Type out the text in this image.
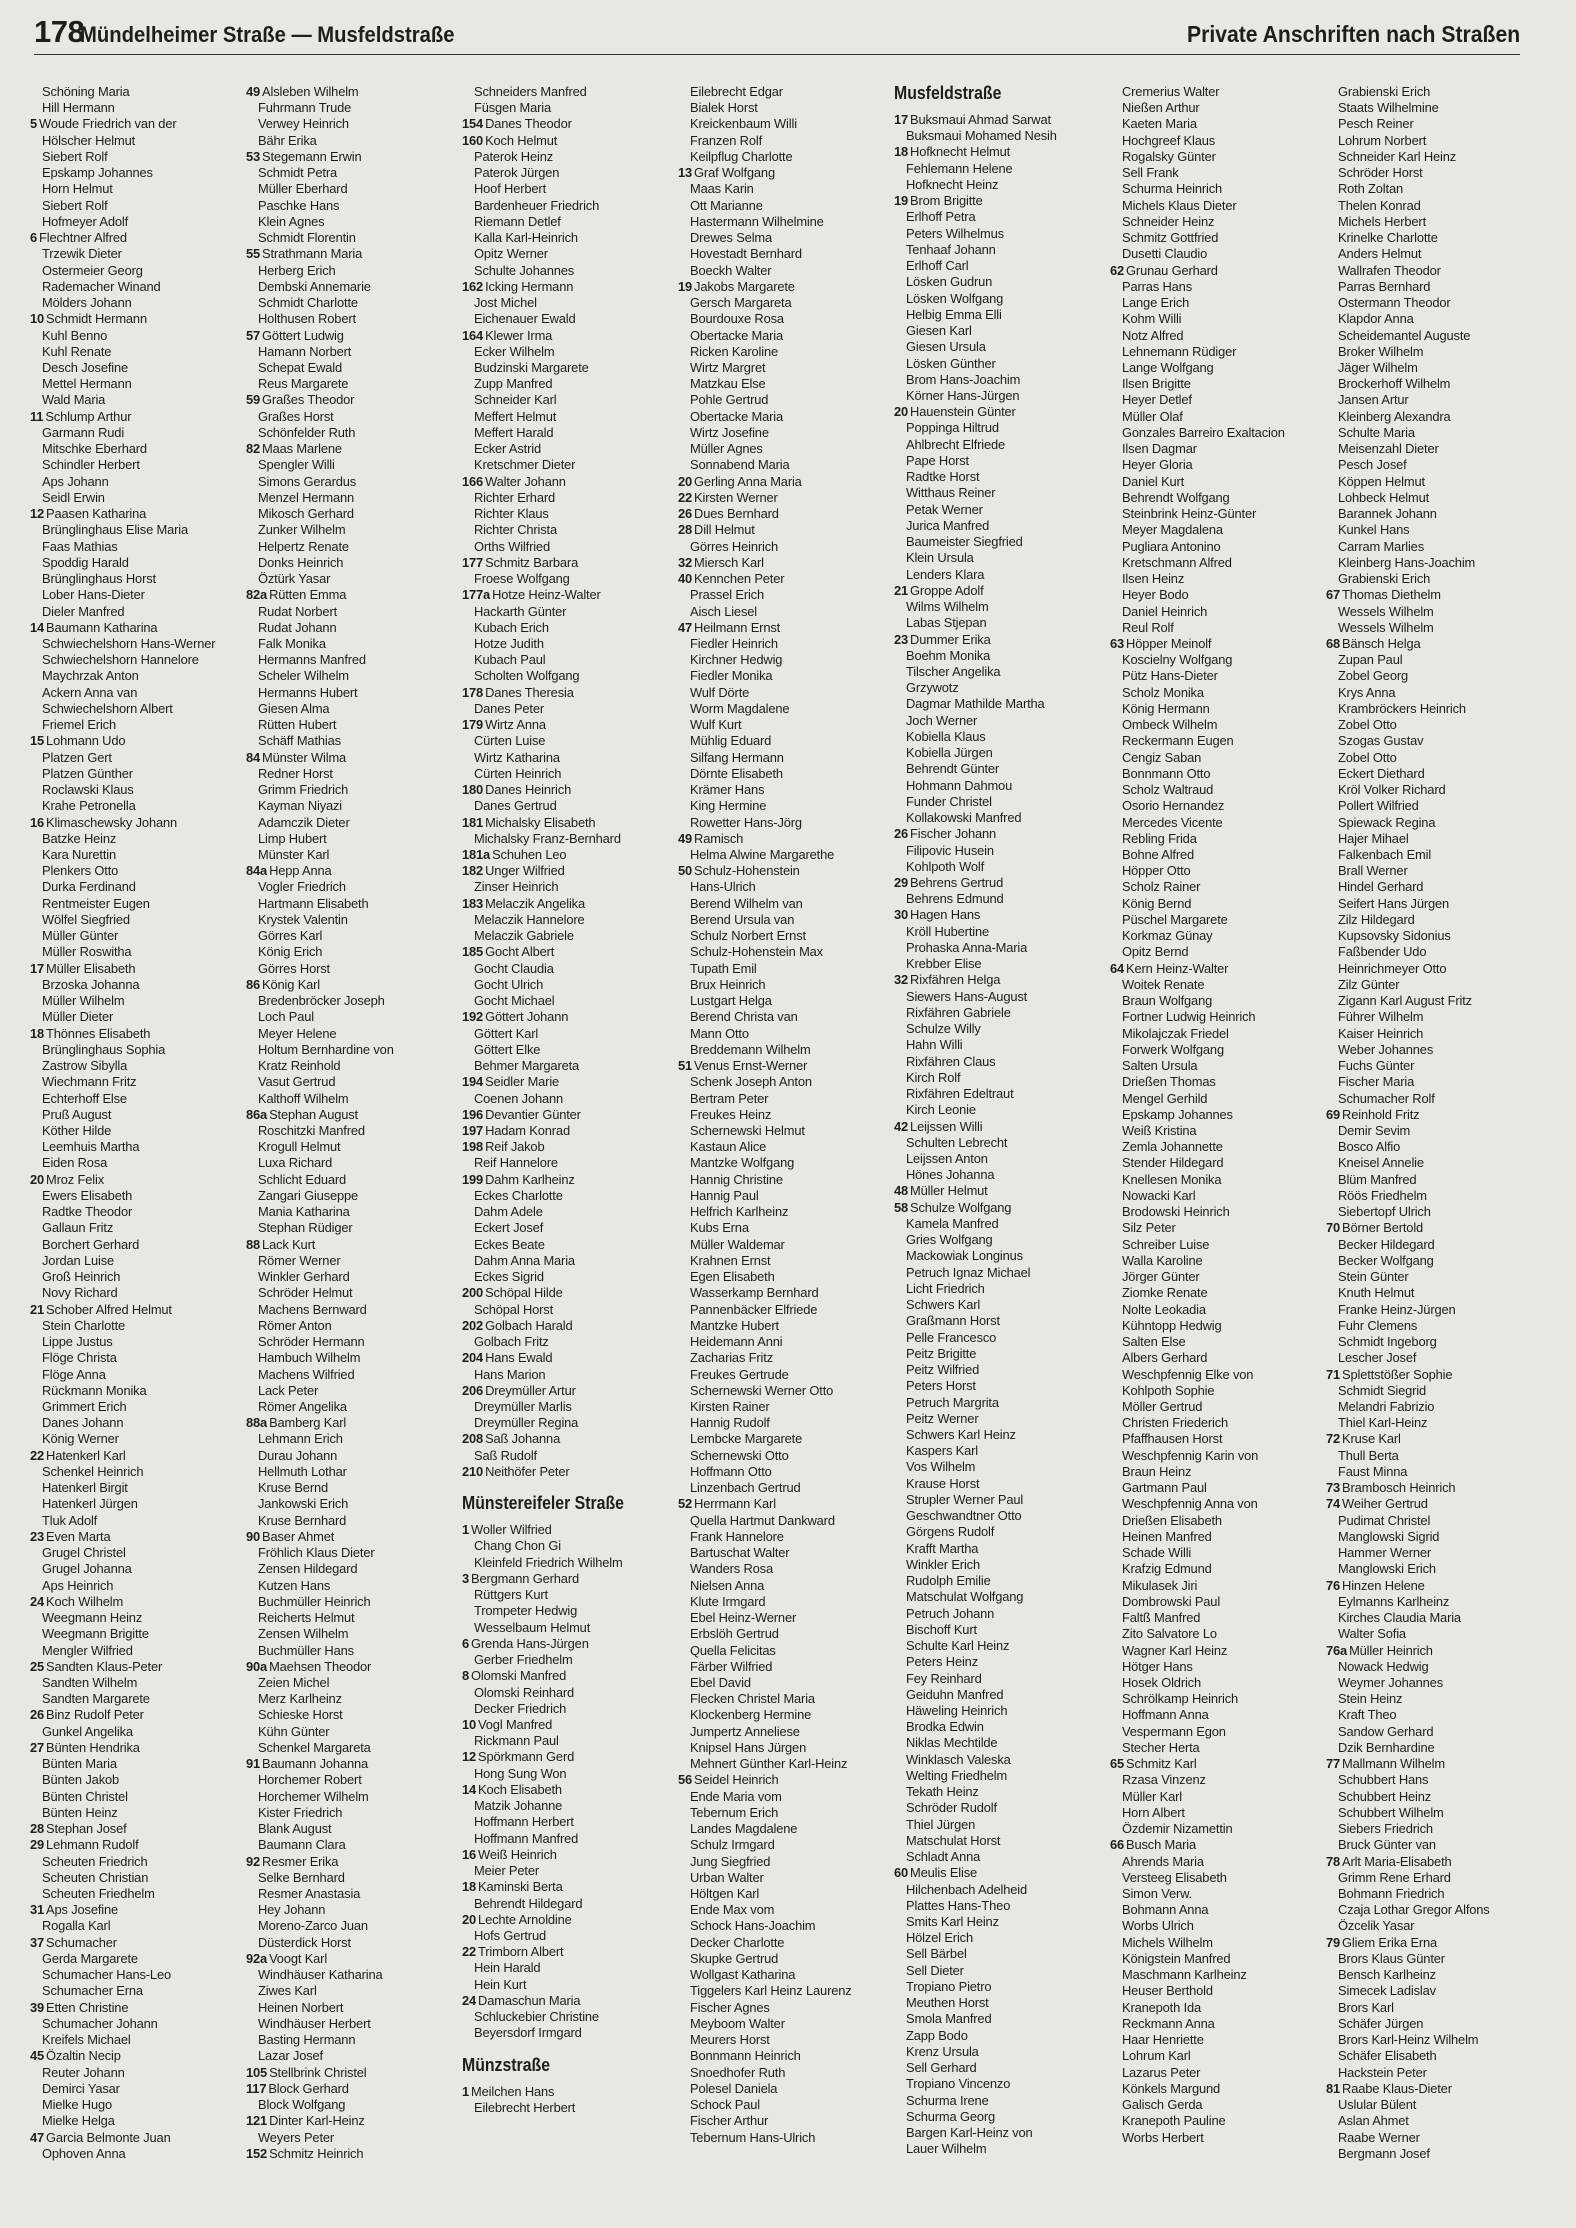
178
Mündelheimer Straße — Musfeldstraße	Private Anschriften nach Straßen
Schöning Maria
Hill Hermann
5 Woude Friedrich van der
Hölscher Helmut
Siebert Rolf
Epskamp Johannes
Horn Helmut
Siebert Rolf
Hofmeyer Adolf
6 Flechtner Alfred
Trzewik Dieter
Ostermeier Georg
Rademacher Winand
Mölders Johann
10 Schmidt Hermann
Kuhl Benno
Kuhl Renate
Desch Josefine
Mettel Hermann
Wald Maria
11 Schlump Arthur
Garmann Rudi
Mitschke Eberhard
Schindler Herbert
Aps Johann
Seidl Erwin
12 Paasen Katharina
Brünglinghaus Elise Maria
Faas Mathias
Spoddig Harald
Brünglinghaus Horst
Lober Hans-Dieter
Dieler Manfred
14 Baumann Katharina
Schwiechelshorn Hans-Werner
Schwiechelshorn Hannelore
Maychrzak Anton
Ackern Anna van
Schwiechelshorn Albert
Friemel Erich
15 Lohmann Udo
Platzen Gert
Platzen Günther
Roclawski Klaus
Krahe Petronella
16 Klimaschewsky Johann
Batzke Heinz
Kara Nurettin
Plenkers Otto
Durka Ferdinand
Rentmeister Eugen
Wölfel Siegfried
Müller Günter
Müller Roswitha
17 Müller Elisabeth
Brzoska Johanna
Müller Wilhelm
Müller Dieter
18 Thönnes Elisabeth
Brünglinghaus Sophia
Zastrow Sibylla
Wiechmann Fritz
Echterhoff Else
Pruß August
Köther Hilde
Leemhuis Martha
Eiden Rosa
20 Mroz Felix
Ewers Elisabeth
Radtke Theodor
Gallaun Fritz
Borchert Gerhard
Jordan Luise
Groß Heinrich
Novy Richard
21 Schober Alfred Helmut
Stein Charlotte
Lippe Justus
Flöge Christa
Flöge Anna
Rückmann Monika
Grimmert Erich
Danes Johann
König Werner
22 Hatenkerl Karl
Schenkel Heinrich
Hatenkerl Birgit
Hatenkerl Jürgen
Tluk Adolf
23 Even Marta
Grugel Christel
Grugel Johanna
Aps Heinrich
24 Koch Wilhelm
Weegmann Heinz
Weegmann Brigitte
Mengler Wilfried
25 Sandten Klaus-Peter
Sandten Wilhelm
Sandten Margarete
26 Binz Rudolf Peter
Gunkel Angelika
27 Bünten Hendrika
Bünten Maria
Bünten Jakob
Bünten Christel
Bünten Heinz
28 Stephan Josef
29 Lehmann Rudolf
Scheuten Friedrich
Scheuten Christian
Scheuten Friedhelm
31 Aps Josefine
Rogalla Karl
37 Schumacher
Gerda Margarete
Schumacher Hans-Leo
Schumacher Erna
39 Etten Christine
Schumacher Johann
Kreifels Michael
45 Özaltin Necip
Reuter Johann
Demirci Yasar
Mielke Hugo
Mielke Helga
47 Garcia Belmonte Juan
Ophoven Anna
49 Alsleben Wilhelm
Fuhrmann Trude
Verwey Heinrich
Bähr Erika
53 Stegemann Erwin
Schmidt Petra
Müller Eberhard
Paschke Hans
Klein Agnes
Schmidt Florentin
55 Strathmann Maria
Herberg Erich
Dembski Annemarie
Schmidt Charlotte
Holthusen Robert
57 Göttert Ludwig
Hamann Norbert
Schepat Ewald
Reus Margarete
59 Graßes Theodor
Graßes Horst
Schönfelder Ruth
82 Maas Marlene
Spengler Willi
Simons Gerardus
Menzel Hermann
Mikosch Gerhard
Zunker Wilhelm
Helpertz Renate
Donks Heinrich
Öztürk Yasar
82a Rütten Emma
Rudat Norbert
Rudat Johann
Falk Monika
Hermanns Manfred
Scheler Wilhelm
Hermanns Hubert
Giesen Alma
Rütten Hubert
Schäff Mathias
84 Münster Wilma
Redner Horst
Grimm Friedrich
Kayman Niyazi
Adamczik Dieter
Limp Hubert
Münster Karl
84a Hepp Anna
Vogler Friedrich
Hartmann Elisabeth
Krystek Valentin
Görres Karl
König Erich
Görres Horst
86 König Karl
Bredenbröcker Joseph
Loch Paul
Meyer Helene
Holtum Bernhardine von
Kratz Reinhold
Vasut Gertrud
Kalthoff Wilhelm
86a Stephan August
Roschitzki Manfred
Krogull Helmut
Luxa Richard
Schlicht Eduard
Zangari Giuseppe
Mania Katharina
Stephan Rüdiger
88 Lack Kurt
Römer Werner
Winkler Gerhard
Schröder Helmut
Machens Bernward
Römer Anton
Schröder Hermann
Hambuch Wilhelm
Machens Wilfried
Lack Peter
Römer Angelika
88a Bamberg Karl
Lehmann Erich
Durau Johann
Hellmuth Lothar
Kruse Bernd
Jankowski Erich
Kruse Bernhard
90 Baser Ahmet
Fröhlich Klaus Dieter
Zensen Hildegard
Kutzen Hans
Buchmüller Heinrich
Reicherts Helmut
Zensen Wilhelm
Buchmüller Hans
90a Maehsen Theodor
Zeien Michel
Merz Karlheinz
Schieske Horst
Kühn Günter
Schenkel Margareta
91 Baumann Johanna
Horchemer Robert
Horchemer Wilhelm
Kister Friedrich
Blank August
Baumann Clara
92 Resmer Erika
Selke Bernhard
Resmer Anastasia
Hey Johann
Moreno-Zarco Juan
Düsterdick Horst
92a Voogt Karl
Windhäuser Katharina
Ziwes Karl
Heinen Norbert
Windhäuser Herbert
Basting Hermann
Lazar Josef
105 Stellbrink Christel
117 Block Gerhard
Block Wolfgang
121 Dinter Karl-Heinz
Weyers Peter
152 Schmitz Heinrich
Schneiders Manfred
Füsgen Maria
154 Danes Theodor
160 Koch Helmut
Paterok Heinz
Paterok Jürgen
Hoof Herbert
Bardenheuer Friedrich
Riemann Detlef
Kalla Karl-Heinrich
Opitz Werner
Schulte Johannes
162 Icking Hermann
Jost Michel
Eichenauer Ewald
164 Klewer Irma
Ecker Wilhelm
Budzinski Margarete
Zupp Manfred
Schneider Karl
Meffert Helmut
Meffert Harald
Ecker Astrid
Kretschmer Dieter
166 Walter Johann
Richter Erhard
Richter Klaus
Richter Christa
Orths Wilfried
177 Schmitz Barbara
Froese Wolfgang
177a Hotze Heinz-Walter
Hackarth Günter
Kubach Erich
Hotze Judith
Kubach Paul
Scholten Wolfgang
178 Danes Theresia
Danes Peter
179 Wirtz Anna
Cürten Luise
Wirtz Katharina
Cürten Heinrich
180 Danes Heinrich
Danes Gertrud
181 Michalsky Elisabeth
Michalsky Franz-Bernhard
181a Schuhen Leo
182 Unger Wilfried
Zinser Heinrich
183 Melaczik Angelika
Melaczik Hannelore
Melaczik Gabriele
185 Gocht Albert
Gocht Claudia
Gocht Ulrich
Gocht Michael
192 Göttert Johann
Göttert Karl
Göttert Elke
Behmer Margareta
194 Seidler Marie
Coenen Johann
196 Devantier Günter
197 Hadam Konrad
198 Reif Jakob
Reif Hannelore
199 Dahm Karlheinz
Eckes Charlotte
Dahm Adele
Eckert Josef
Eckes Beate
Dahm Anna Maria
Eckes Sigrid
200 Schöpal Hilde
Schöpal Horst
202 Golbach Harald
Golbach Fritz
204 Hans Ewald
Hans Marion
206 Dreymüller Artur
Dreymüller Marlis
Dreymüller Regina
208 Saß Johanna
Saß Rudolf
210 Neithöfer Peter
Münstereifeler Straße
1 Woller Wilfried
Chang Chon Gi
Kleinfeld Friedrich Wilhelm
3 Bergmann Gerhard
Rüttgers Kurt
Trompeter Hedwig
Wesselbaum Helmut
6 Grenda Hans-Jürgen
Gerber Friedhelm
8 Olomski Manfred
Olomski Reinhard
Decker Friedrich
10 Vogl Manfred
Rickmann Paul
12 Spörkmann Gerd
Hong Sung Won
14 Koch Elisabeth
Matzik Johanne
Hoffmann Herbert
Hoffmann Manfred
16 Weiß Heinrich
Meier Peter
18 Kaminski Berta
Behrendt Hildegard
20 Lechte Arnoldine
Hofs Gertrud
22 Trimborn Albert
Hein Harald
Hein Kurt
24 Damaschun Maria
Schluckebier Christine
Beyersdorf Irmgard
Münzstraße
1 Meilchen Hans
Eilebrecht Herbert
Eilebrecht Edgar
Bialek Horst
Kreickenbaum Willi
Franzen Rolf
Keilpflug Charlotte
13 Graf Wolfgang
Maas Karin
Ott Marianne
Hastermann Wilhelmine
Drewes Selma
Hovestadt Bernhard
Boeckh Walter
19 Jakobs Margarete
Gersch Margareta
Bourdouxe Rosa
Obertacke Maria
Ricken Karoline
Wirtz Margret
Matzkau Else
Pohle Gertrud
Obertacke Maria
Wirtz Josefine
Müller Agnes
Sonnabend Maria
20 Gerling Anna Maria
22 Kirsten Werner
26 Dues Bernhard
28 Dill Helmut
Görres Heinrich
32 Miersch Karl
40 Kennchen Peter
Prassel Erich
Aisch Liesel
47 Heilmann Ernst
Fiedler Heinrich
Kirchner Hedwig
Fiedler Monika
Wulf Dörte
Worm Magdalene
Wulf Kurt
Mühlig Eduard
Silfang Hermann
Dörnte Elisabeth
Krämer Hans
King Hermine
Rowetter Hans-Jörg
49 Ramisch
Helma Alwine Margarethe
50 Schulz-Hohenstein
Hans-Ulrich
Berend Wilhelm van
Berend Ursula van
Schulz Norbert Ernst
Schulz-Hohenstein Max
Tupath Emil
Brux Heinrich
Lustgart Helga
Berend Christa van
Mann Otto
Breddemann Wilhelm
51 Venus Ernst-Werner
Schenk Joseph Anton
Bertram Peter
Freukes Heinz
Schernewski Helmut
Kastaun Alice
Mantzke Wolfgang
Hannig Christine
Hannig Paul
Helfrich Karlheinz
Kubs Erna
Müller Waldemar
Krahnen Ernst
Egen Elisabeth
Wasserkamp Bernhard
Pannenbäcker Elfriede
Mantzke Hubert
Heidemann Anni
Zacharias Fritz
Freukes Gertrude
Schernewski Werner Otto
Kirsten Rainer
Hannig Rudolf
Lembcke Margarete
Schernewski Otto
Hoffmann Otto
Linzenbach Gertrud
52 Herrmann Karl
Quella Hartmut Dankward
Frank Hannelore
Bartuschat Walter
Wanders Rosa
Nielsen Anna
Klute Irmgard
Ebel Heinz-Werner
Erbslöh Gertrud
Quella Felicitas
Färber Wilfried
Ebel David
Flecken Christel Maria
Klockenberg Hermine
Jumpertz Anneliese
Knipsel Hans Jürgen
Mehnert Günther Karl-Heinz
56 Seidel Heinrich
Ende Maria vom
Tebernum Erich
Landes Magdalene
Schulz Irmgard
Jung Siegfried
Urban Walter
Höltgen Karl
Ende Max vom
Schock Hans-Joachim
Decker Charlotte
Skupke Gertrud
Wollgast Katharina
Tiggelers Karl Heinz Laurenz
Fischer Agnes
Meyboom Walter
Meurers Horst
Bonnmann Heinrich
Snoedhofer Ruth
Polesel Daniela
Schock Paul
Fischer Arthur
Tebernum Hans-Ulrich
Musfeldstraße
17 Buksmaui Ahmad Sarwat
Buksmaui Mohamed Nesih
18 Hofknecht Helmut
Fehlemann Helene
Hofknecht Heinz
19 Brom Brigitte
Erlhoff Petra
Peters Wilhelmus
Tenhaaf Johann
Erlhoff Carl
Lösken Gudrun
Lösken Wolfgang
Helbig Emma Elli
Giesen Karl
Giesen Ursula
Lösken Günther
Brom Hans-Joachim
Körner Hans-Jürgen
20 Hauenstein Günter
Poppinga Hiltrud
Ahlbrecht Elfriede
Pape Horst
Radtke Horst
Witthaus Reiner
Petak Werner
Jurica Manfred
Baumeister Siegfried
Klein Ursula
Lenders Klara
21 Groppe Adolf
Wilms Wilhelm
Labas Stjepan
23 Dummer Erika
Boehm Monika
Tilscher Angelika
Grzywotz
Dagmar Mathilde Martha
Joch Werner
Kobiella Klaus
Kobiella Jürgen
Behrendt Günter
Hohmann Dahmou
Funder Christel
Kollakowski Manfred
26 Fischer Johann
Filipovic Husein
Kohlpoth Wolf
29 Behrens Gertrud
Behrens Edmund
30 Hagen Hans
Kröll Hubertine
Prohaska Anna-Maria
Krebber Elise
32 Rixfähren Helga
Siewers Hans-August
Rixfähren Gabriele
Schulze Willy
Hahn Willi
Rixfähren Claus
Kirch Rolf
Rixfähren Edeltraut
Kirch Leonie
42 Leijssen Willi
Schulten Lebrecht
Leijssen Anton
Hönes Johanna
48 Müller Helmut
58 Schulze Wolfgang
Kamela Manfred
Gries Wolfgang
Mackowiak Longinus
Petruch Ignaz Michael
Licht Friedrich
Schwers Karl
Graßmann Horst
Pelle Francesco
Peitz Brigitte
Peitz Wilfried
Peters Horst
Petruch Margrita
Peitz Werner
Schwers Karl Heinz
Kaspers Karl
Vos Wilhelm
Krause Horst
Strupler Werner Paul
Geschwandtner Otto
Görgens Rudolf
Krafft Martha
Winkler Erich
Rudolph Emilie
Matschulat Wolfgang
Petruch Johann
Bischoff Kurt
Schulte Karl Heinz
Peters Heinz
Fey Reinhard
Geiduhn Manfred
Häweling Heinrich
Brodka Edwin
Niklas Mechtilde
Winklasch Valeska
Welting Friedhelm
Tekath Heinz
Schröder Rudolf
Thiel Jürgen
Matschulat Horst
Schladt Anna
60 Meulis Elise
Hilchenbach Adelheid
Plattes Hans-Theo
Smits Karl Heinz
Hölzel Erich
Sell Bärbel
Sell Dieter
Tropiano Pietro
Meuthen Horst
Smola Manfred
Zapp Bodo
Krenz Ursula
Sell Gerhard
Tropiano Vincenzo
Schurma Irene
Schurma Georg
Bargen Karl-Heinz von
Lauer Wilhelm
Cremerius Walter
Nießen Arthur
Kaeten Maria
Hochgreef Klaus
Rogalsky Günter
Sell Frank
Schurma Heinrich
Michels Klaus Dieter
Schneider Heinz
Schmitz Gottfried
Dusetti Claudio
62 Grunau Gerhard
Parras Hans
Lange Erich
Kohm Willi
Notz Alfred
Lehnemann Rüdiger
Lange Wolfgang
Ilsen Brigitte
Heyer Detlef
Müller Olaf
Gonzales Barreiro Exaltacion
Ilsen Dagmar
Heyer Gloria
Daniel Kurt
Behrendt Wolfgang
Steinbrink Heinz-Günter
Meyer Magdalena
Pugliara Antonino
Kretschmann Alfred
Ilsen Heinz
Heyer Bodo
Daniel Heinrich
Reul Rolf
63 Höpper Meinolf
Koscielny Wolfgang
Pütz Hans-Dieter
Scholz Monika
König Hermann
Ombeck Wilhelm
Reckermann Eugen
Cengiz Saban
Bonnmann Otto
Scholz Waltraud
Osorio Hernandez
Mercedes Vicente
Rebling Frida
Bohne Alfred
Höpper Otto
Scholz Rainer
König Bernd
Püschel Margarete
Korkmaz Günay
Opitz Bernd
64 Kern Heinz-Walter
Woitek Renate
Braun Wolfgang
Fortner Ludwig Heinrich
Mikolajczak Friedel
Forwerk Wolfgang
Salten Ursula
Drießen Thomas
Mengel Gerhild
Epskamp Johannes
Weiß Kristina
Zemla Johannette
Stender Hildegard
Knellesen Monika
Nowacki Karl
Brodowski Heinrich
Silz Peter
Schreiber Luise
Walla Karoline
Jörger Günter
Ziomke Renate
Nolte Leokadia
Kühntopp Hedwig
Salten Else
Albers Gerhard
Weschpfennig Elke von
Kohlpoth Sophie
Möller Gertrud
Christen Friederich
Pfaffhausen Horst
Weschpfennig Karin von
Braun Heinz
Gartmann Paul
Weschpfennig Anna von
Drießen Elisabeth
Heinen Manfred
Schade Willi
Krafzig Edmund
Mikulasek Jiri
Dombrowski Paul
Faltß Manfred
Zito Salvatore Lo
Wagner Karl Heinz
Hötger Hans
Hosek Oldrich
Schrölkamp Heinrich
Hoffmann Anna
Vespermann Egon
Stecher Herta
65 Schmitz Karl
Rzasa Vinzenz
Müller Karl
Horn Albert
Özdemir Nizamettin
66 Busch Maria
Ahrends Maria
Versteeg Elisabeth
Simon Verw.
Bohmann Anna
Worbs Ulrich
Michels Wilhelm
Königstein Manfred
Maschmann Karlheinz
Heuser Berthold
Kranepoth Ida
Reckmann Anna
Haar Henriette
Lohrum Karl
Lazarus Peter
Könkels Margund
Galisch Gerda
Kranepoth Pauline
Worbs Herbert
Grabienski Erich
Staats Wilhelmine
Pesch Reiner
Lohrum Norbert
Schneider Karl Heinz
Schröder Horst
Roth Zoltan
Thelen Konrad
Michels Herbert
Krinelke Charlotte
Anders Helmut
Wallrafen Theodor
Parras Bernhard
Ostermann Theodor
Klapdor Anna
Scheidemantel Auguste
Broker Wilhelm
Jäger Wilhelm
Brockerhoff Wilhelm
Jansen Artur
Kleinberg Alexandra
Schulte Maria
Meisenzahl Dieter
Pesch Josef
Köppen Helmut
Lohbeck Helmut
Barannek Johann
Kunkel Hans
Carram Marlies
Kleinberg Hans-Joachim
Grabienski Erich
67 Thomas Diethelm
Wessels Wilhelm
Wessels Wilhelm
68 Bänsch Helga
Zupan Paul
Zobel Georg
Krys Anna
Krambröckers Heinrich
Zobel Otto
Szogas Gustav
Zobel Otto
Eckert Diethard
Kröl Volker Richard
Pollert Wilfried
Spiewack Regina
Hajer Mihael
Falkenbach Emil
Brall Werner
Hindel Gerhard
Seifert Hans Jürgen
Zilz Hildegard
Kupsovsky Sidonius
Faßbender Udo
Heinrichmeyer Otto
Zilz Günter
Zigann Karl August Fritz
Führer Wilhelm
Kaiser Heinrich
Weber Johannes
Fuchs Günter
Fischer Maria
Schumacher Rolf
69 Reinhold Fritz
Demir Sevim
Bosco Alfio
Kneisel Annelie
Blüm Manfred
Röös Friedhelm
Siebertopf Ulrich
70 Börner Bertold
Becker Hildegard
Becker Wolfgang
Stein Günter
Knuth Helmut
Franke Heinz-Jürgen
Fuhr Clemens
Schmidt Ingeborg
Lescher Josef
71 Splettstößer Sophie
Schmidt Siegrid
Melandri Fabrizio
Thiel Karl-Heinz
72 Kruse Karl
Thull Berta
Faust Minna
73 Brambosch Heinrich
74 Weiher Gertrud
Pudimat Christel
Manglowski Sigrid
Hammer Werner
Manglowski Erich
76 Hinzen Helene
Eylmanns Karlheinz
Kirches Claudia Maria
Walter Sofia
76a Müller Heinrich
Nowack Hedwig
Weymer Johannes
Stein Heinz
Kraft Theo
Sandow Gerhard
Dzik Bernhardine
77 Mallmann Wilhelm
Schubbert Hans
Schubbert Heinz
Schubbert Wilhelm
Siebers Friedrich
Bruck Günter van
78 Arlt Maria-Elisabeth
Grimm Rene Erhard
Bohmann Friedrich
Czaja Lothar Gregor Alfons
Özcelik Yasar
79 Gliem Erika Erna
Brors Klaus Günter
Bensch Karlheinz
Simecek Ladislav
Brors Karl
Schäfer Jürgen
Brors Karl-Heinz Wilhelm
Schäfer Elisabeth
Hackstein Peter
81 Raabe Klaus-Dieter
Uslular Bülent
Aslan Ahmet
Raabe Werner
Bergmann Josef
